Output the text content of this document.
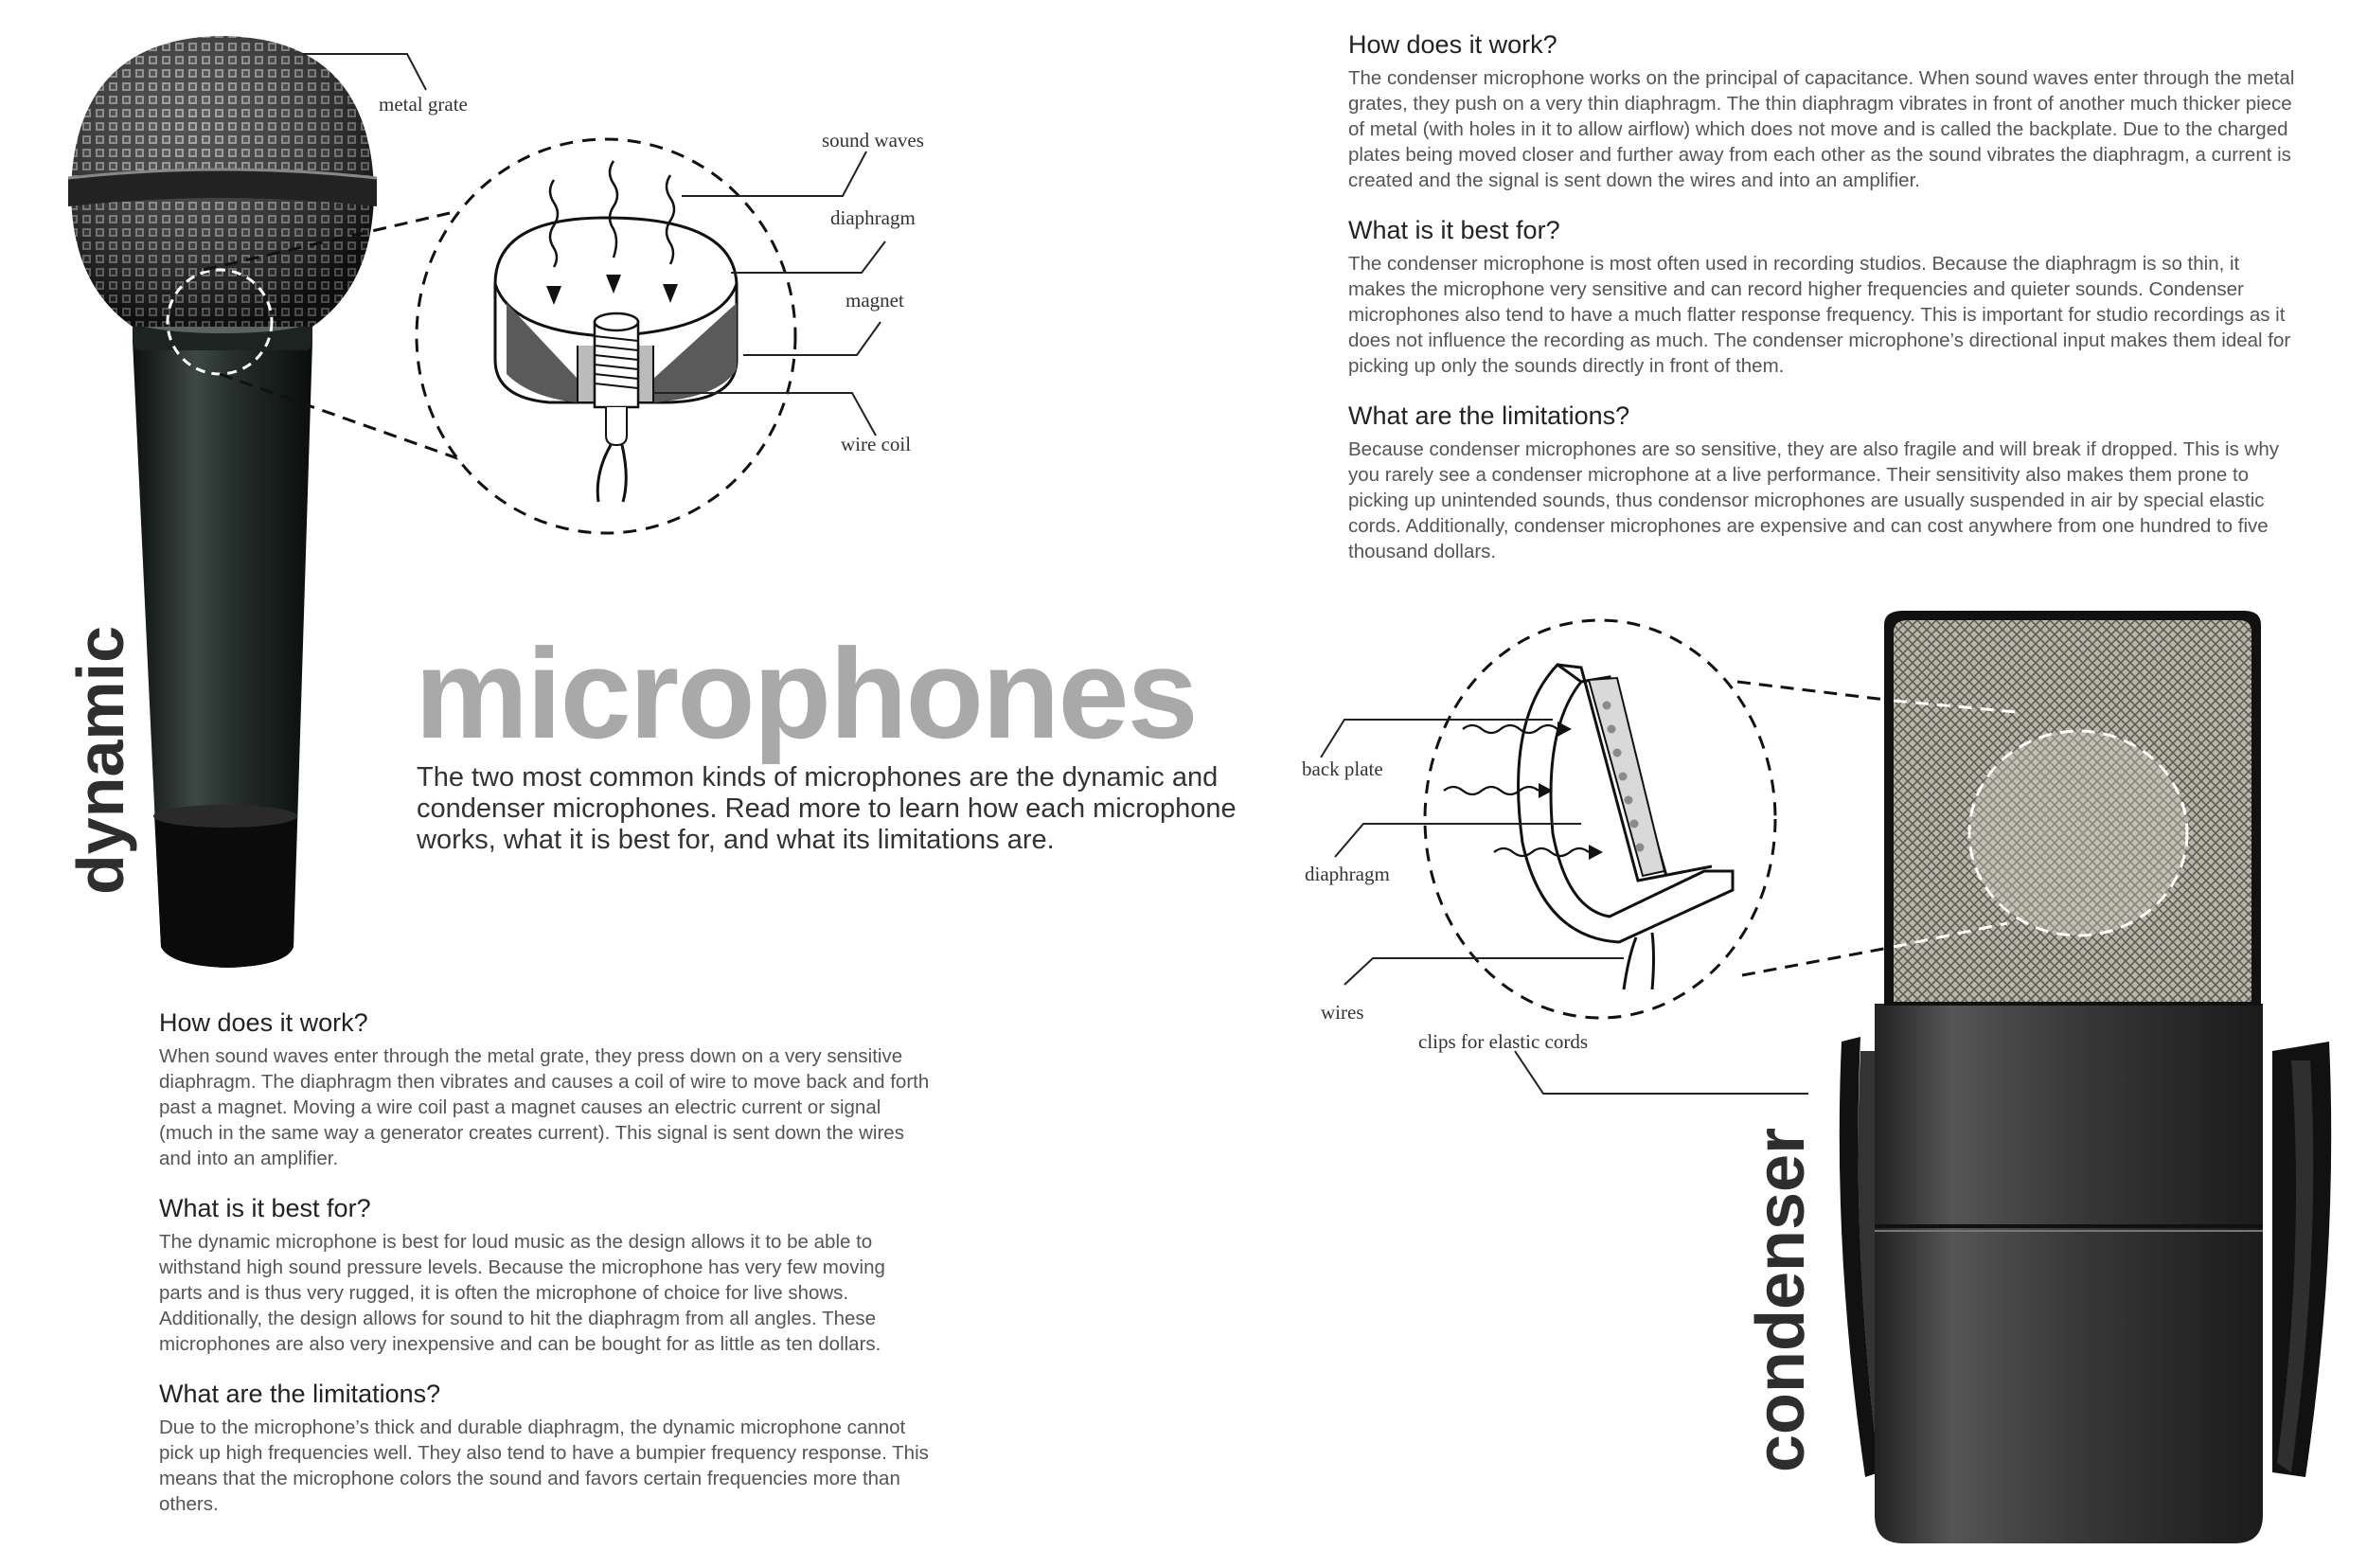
metal grate
sound waves
diaphragm
magnet
wire coil
back plate
diaphragm
wires
clips for elastic cords
dynamic
condenser
microphones
The two most common kinds of microphones are the dynamic and condenser microphones. Read more to learn how each microphone works, what it is best for, and what its limitations are.
How does it work?

When sound waves enter through the metal grate, they press down on a very sensitive diaphragm. The diaphragm then vibrates and causes a coil of wire to move back and forth past a magnet. Moving a wire coil past a magnet causes an electric current or signal (much in the same way a generator creates current). This signal is sent down the wires and into an amplifier.

What is it best for?

The dynamic microphone is best for loud music as the design allows it to be able to withstand high sound pressure levels. Because the microphone has very few moving parts and is thus very rugged, it is often the microphone of choice for live shows. Additionally, the design allows for sound to hit the diaphragm from all angles. These microphones are also very inexpensive and can be bought for as little as ten dollars.

What are the limitations?

Due to the microphone’s thick and durable diaphragm, the dynamic microphone cannot pick up high frequencies well. They also tend to have a bumpier frequency response. This means that the microphone colors the sound and favors certain frequencies more than others.

How does it work?

The condenser microphone works on the principal of capacitance. When sound waves enter through the metal grates, they push on a very thin diaphragm. The thin diaphragm vibrates in front of another much thicker piece of metal (with holes in it to allow airflow) which does not move and is called the backplate. Due to the charged plates being moved closer and further away from each other as the sound vibrates the diaphragm, a current is created and the signal is sent down the wires and into an amplifier.

What is it best for?

The condenser microphone is most often used in recording studios. Because the diaphragm is so thin, it makes the microphone very sensitive and can record higher frequencies and quieter sounds. Condenser microphones also tend to have a much flatter response frequency. This is important for studio recordings as it does not influence the recording as much. The condenser microphone’s directional input makes them ideal for picking up only the sounds directly in front of them.

What are the limitations?

Because condenser microphones are so sensitive, they are also fragile and will break if dropped. This is why you rarely see a condenser microphone at a live performance. Their sensitivity also makes them prone to picking up unintended sounds, thus condensor microphones are usually suspended in air by special elastic cords. Additionally, condenser microphones are expensive and can cost anywhere from one hundred to five thousand dollars.
